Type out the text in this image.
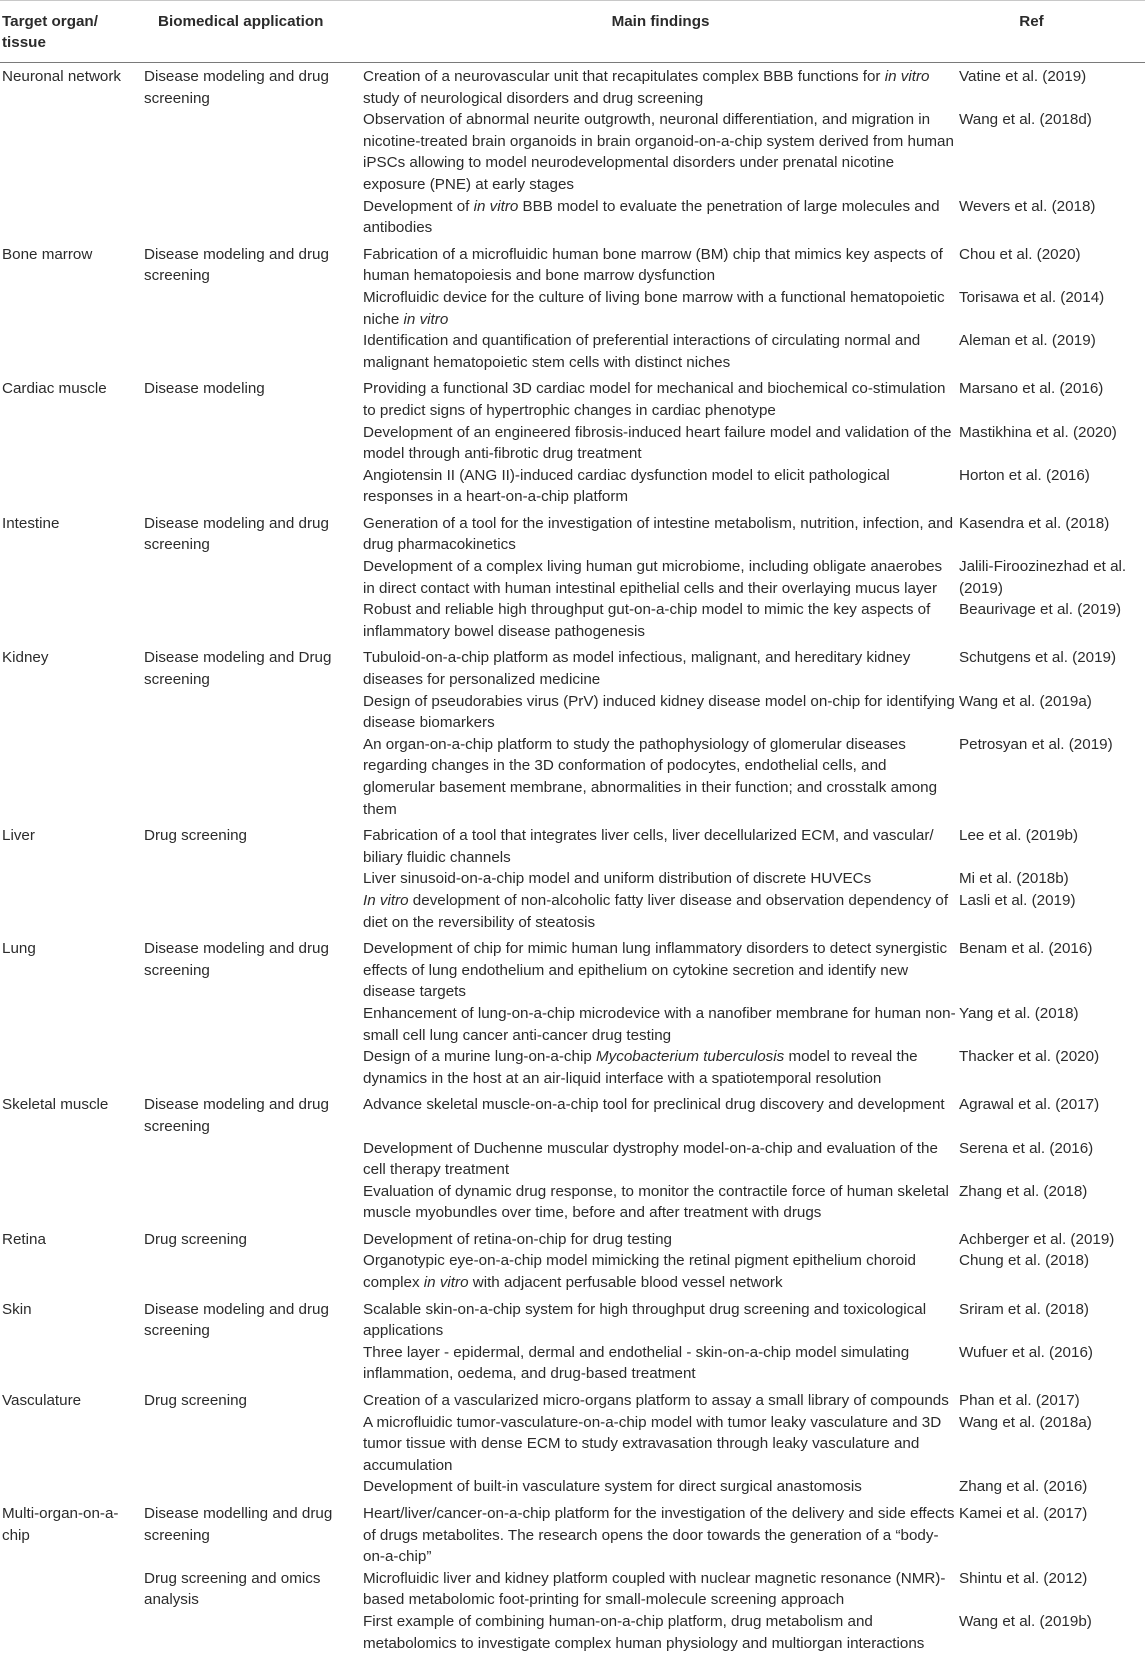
Target organ/ tissue	Biomedical application	Main findings	Ref
Neuronal network	Disease modeling and drug screening	Creation of a neurovascular unit that recapitulates complex BBB functions for in vitro study of neurological disorders and drug screening	Vatine et al. (2019)
		Observation of abnormal neurite outgrowth, neuronal differentiation, and migration in nicotine-treated brain organoids in brain organoid-on-a-chip system derived from human iPSCs allowing to model neurodevelopmental disorders under prenatal nicotine exposure (PNE) at early stages	Wang et al. (2018d)
		Development of in vitro BBB model to evaluate the penetration of large molecules and antibodies	Wevers et al. (2018)
Bone marrow	Disease modeling and drug screening	Fabrication of a microfluidic human bone marrow (BM) chip that mimics key aspects of human hematopoiesis and bone marrow dysfunction	Chou et al. (2020)
		Microfluidic device for the culture of living bone marrow with a functional hematopoietic niche in vitro	Torisawa et al. (2014)
		Identification and quantification of preferential interactions of circulating normal and malignant hematopoietic stem cells with distinct niches	Aleman et al. (2019)
Cardiac muscle	Disease modeling	Providing a functional 3D cardiac model for mechanical and biochemical co-stimulation to predict signs of hypertrophic changes in cardiac phenotype	Marsano et al. (2016)
		Development of an engineered fibrosis-induced heart failure model and validation of the model through anti-fibrotic drug treatment	Mastikhina et al. (2020)
		Angiotensin II (ANG II)-induced cardiac dysfunction model to elicit pathological responses in a heart-on-a-chip platform	Horton et al. (2016)
Intestine	Disease modeling and drug screening	Generation of a tool for the investigation of intestine metabolism, nutrition, infection, and drug pharmacokinetics	Kasendra et al. (2018)
		Development of a complex living human gut microbiome, including obligate anaerobes in direct contact with human intestinal epithelial cells and their overlaying mucus layer	Jalili-Firoozinezhad et al. (2019)
		Robust and reliable high throughput gut-on-a-chip model to mimic the key aspects of inflammatory bowel disease pathogenesis	Beaurivage et al. (2019)
Kidney	Disease modeling and Drug screening	Tubuloid-on-a-chip platform as model infectious, malignant, and hereditary kidney diseases for personalized medicine	Schutgens et al. (2019)
		Design of pseudorabies virus (PrV) induced kidney disease model on-chip for identifying disease biomarkers	Wang et al. (2019a)
		An organ-on-a-chip platform to study the pathophysiology of glomerular diseases regarding changes in the 3D conformation of podocytes, endothelial cells, and glomerular basement membrane, abnormalities in their function; and crosstalk among them	Petrosyan et al. (2019)
Liver	Drug screening	Fabrication of a tool that integrates liver cells, liver decellularized ECM, and vascular/ biliary fluidic channels	Lee et al. (2019b)
		Liver sinusoid-on-a-chip model and uniform distribution of discrete HUVECs	Mi et al. (2018b)
		In vitro development of non-alcoholic fatty liver disease and observation dependency of diet on the reversibility of steatosis	Lasli et al. (2019)
Lung	Disease modeling and drug screening	Development of chip for mimic human lung inflammatory disorders to detect synergistic effects of lung endothelium and epithelium on cytokine secretion and identify new disease targets	Benam et al. (2016)
		Enhancement of lung-on-a-chip microdevice with a nanofiber membrane for human non-small cell lung cancer anti-cancer drug testing	Yang et al. (2018)
		Design of a murine lung-on-a-chip Mycobacterium tuberculosis model to reveal the dynamics in the host at an air-liquid interface with a spatiotemporal resolution	Thacker et al. (2020)
Skeletal muscle	Disease modeling and drug screening	Advance skeletal muscle-on-a-chip tool for preclinical drug discovery and development	Agrawal et al. (2017)
		Development of Duchenne muscular dystrophy model-on-a-chip and evaluation of the cell therapy treatment	Serena et al. (2016)
		Evaluation of dynamic drug response, to monitor the contractile force of human skeletal muscle myobundles over time, before and after treatment with drugs	Zhang et al. (2018)
Retina	Drug screening	Development of retina-on-chip for drug testing	Achberger et al. (2019)
		Organotypic eye-on-a-chip model mimicking the retinal pigment epithelium choroid complex in vitro with adjacent perfusable blood vessel network	Chung et al. (2018)
Skin	Disease modeling and drug screening	Scalable skin-on-a-chip system for high throughput drug screening and toxicological applications	Sriram et al. (2018)
		Three layer - epidermal, dermal and endothelial - skin-on-a-chip model simulating inflammation, oedema, and drug-based treatment	Wufuer et al. (2016)
Vasculature	Drug screening	Creation of a vascularized micro-organs platform to assay a small library of compounds	Phan et al. (2017)
		A microfluidic tumor-vasculature-on-a-chip model with tumor leaky vasculature and 3D tumor tissue with dense ECM to study extravasation through leaky vasculature and accumulation	Wang et al. (2018a)
		Development of built-in vasculature system for direct surgical anastomosis	Zhang et al. (2016)
Multi-organ-on-a-chip	Disease modelling and drug screening	Heart/liver/cancer-on-a-chip platform for the investigation of the delivery and side effects of drugs metabolites. The research opens the door towards the generation of a “body-on-a-chip”	Kamei et al. (2017)
	Drug screening and omics analysis	Microfluidic liver and kidney platform coupled with nuclear magnetic resonance (NMR)-based metabolomic foot-printing for small-molecule screening approach	Shintu et al. (2012)
		First example of combining human-on-a-chip platform, drug metabolism and metabolomics to investigate complex human physiology and multiorgan interactions	Wang et al. (2019b)
